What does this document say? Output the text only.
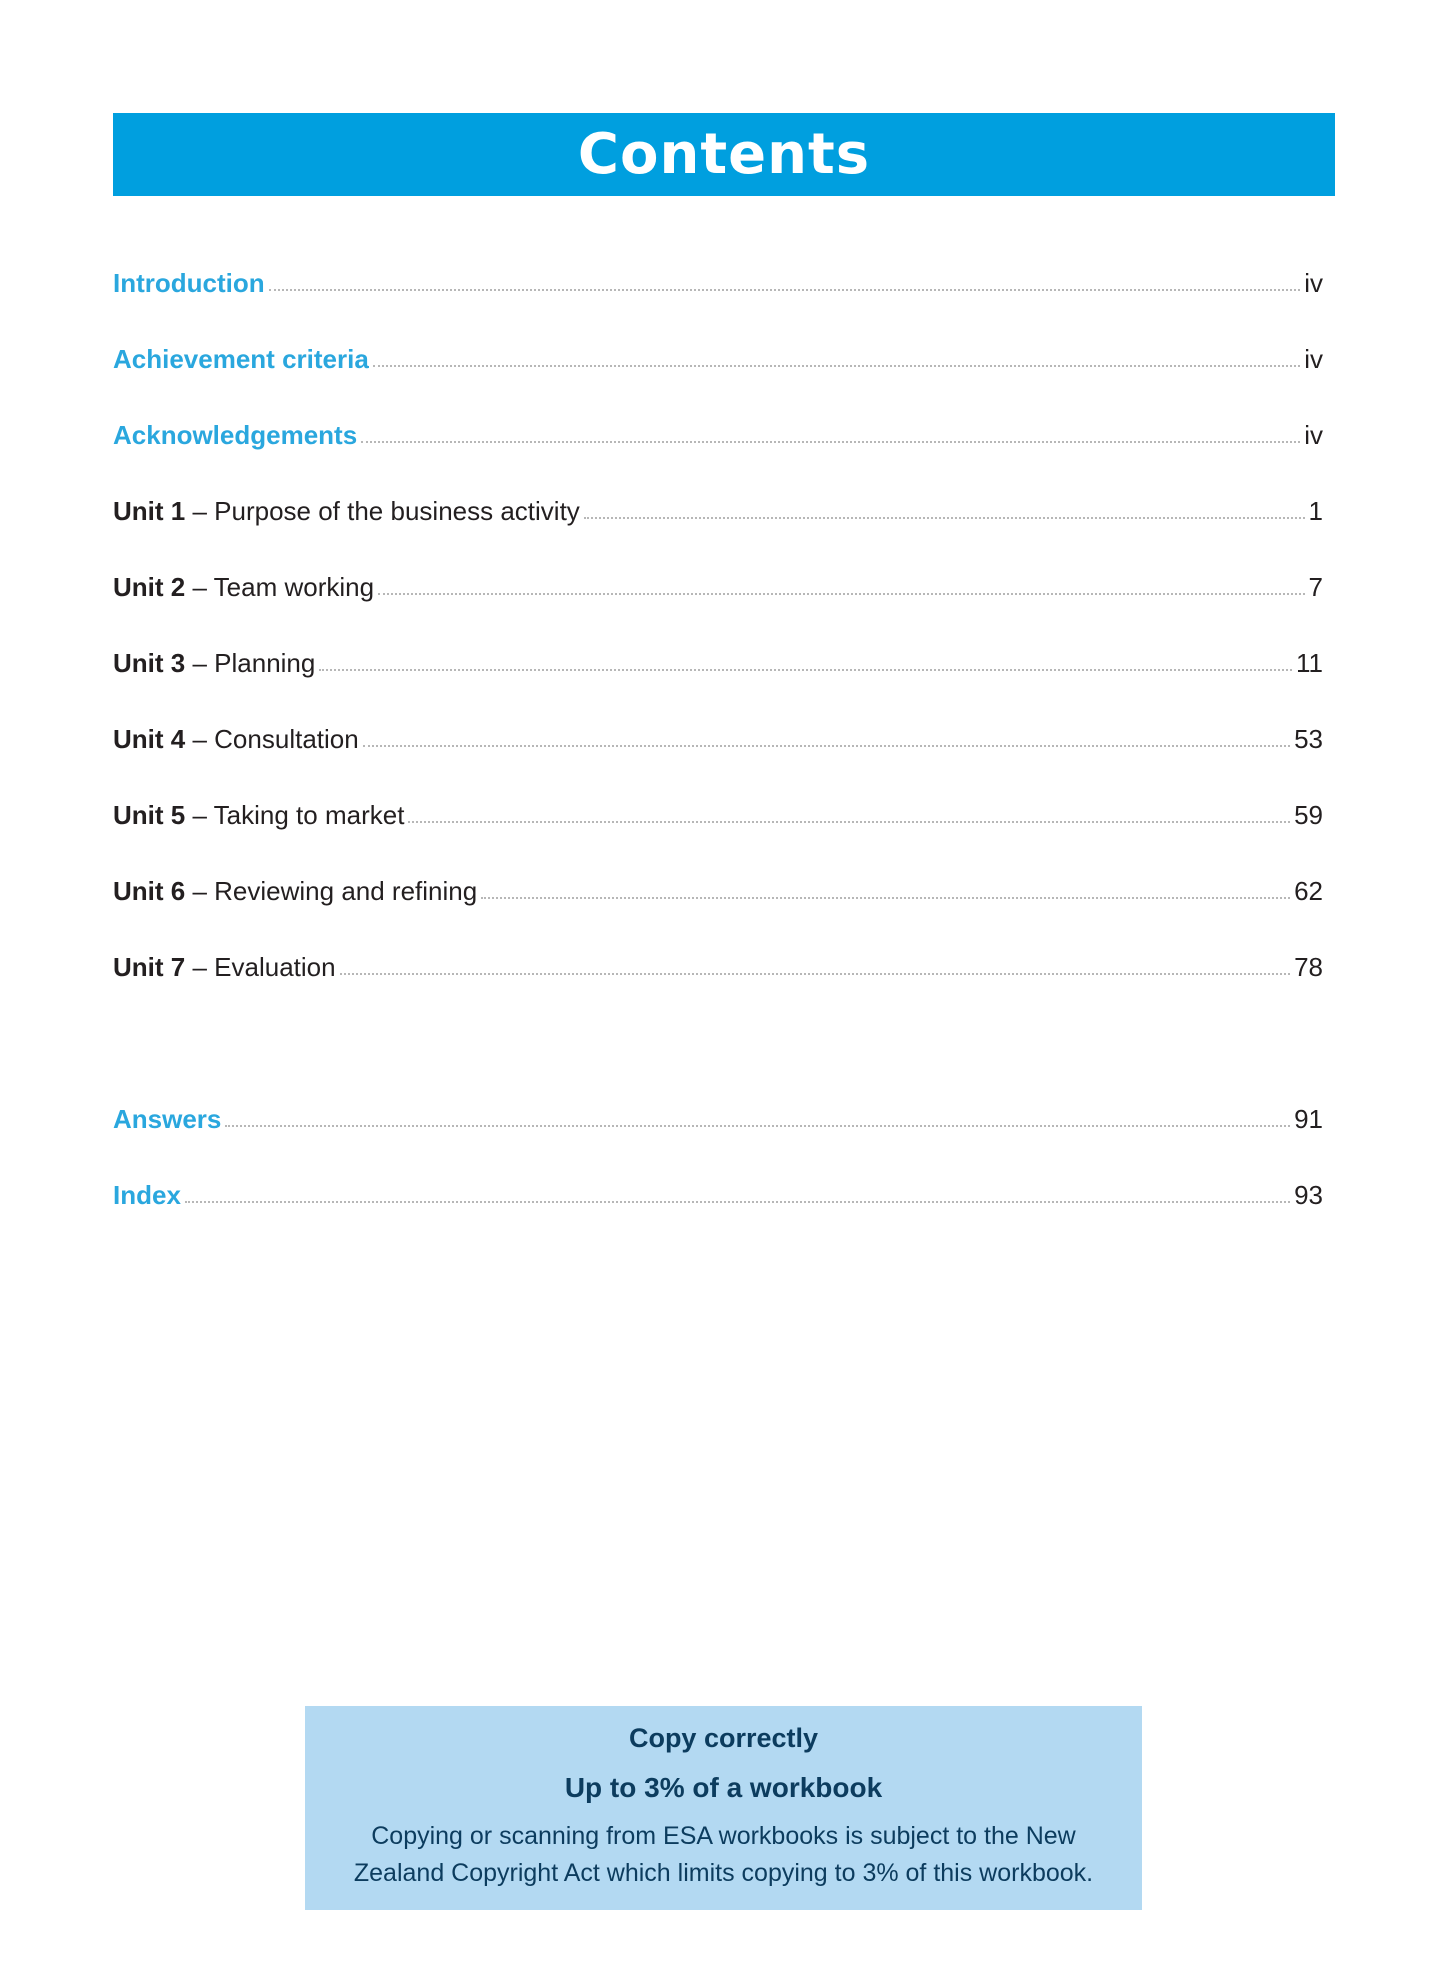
Contents
Introduction	iv
Achievement criteria	iv
Acknowledgements	iv
Unit 1 – Purpose of the business activity	1
Unit 2 – Team working	7
Unit 3 – Planning	11
Unit 4 – Consultation	53
Unit 5 – Taking to market	59
Unit 6 – Reviewing and refining	62
Unit 7 – Evaluation	78
Answers	91
Index	93
Copy correctly
Up to 3% of a workbook
Copying or scanning from ESA workbooks is subject to the New Zealand Copyright Act which limits copying to 3% of this workbook.
